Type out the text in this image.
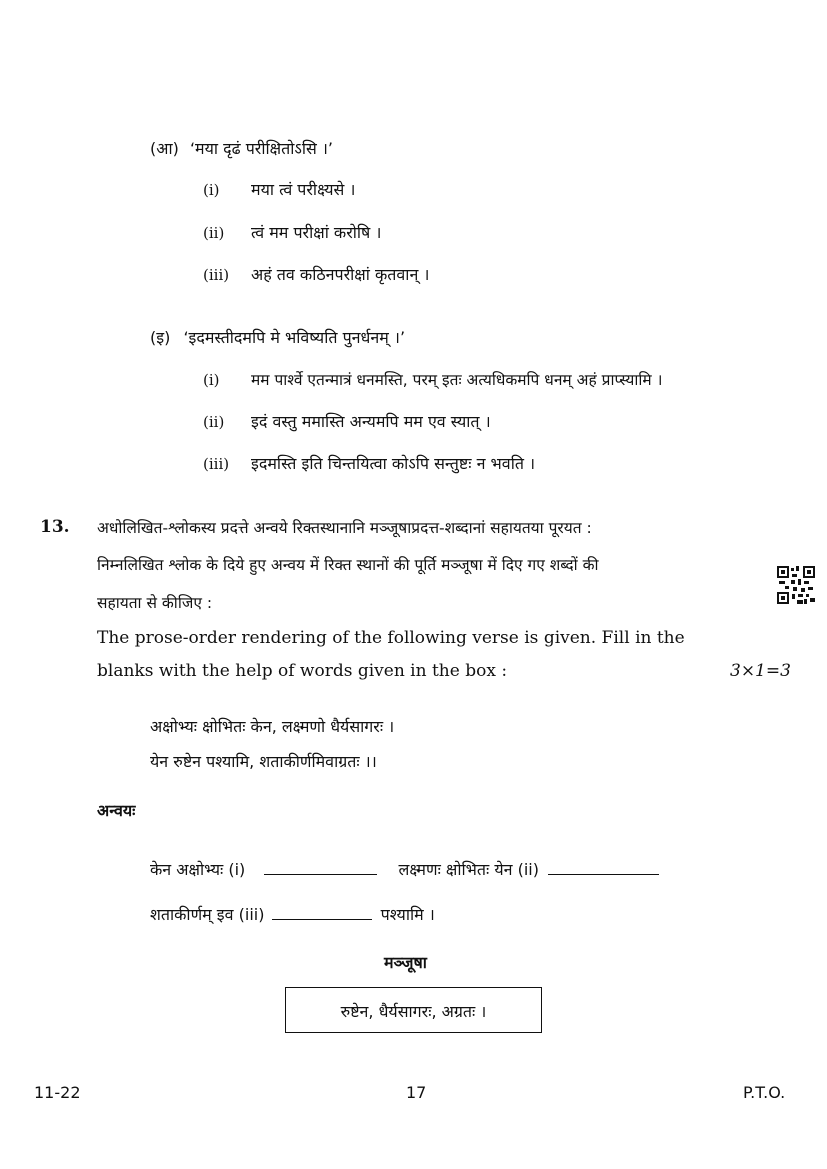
(आ) ‘मया दृढं परीक्षितोऽसि ।’
(i) मया त्वं परीक्ष्यसे ।
(ii) त्वं मम परीक्षां करोषि ।
(iii) अहं तव कठिनपरीक्षां कृतवान् ।
(इ) ‘इदमस्तीदमपि मे भविष्यति पुनर्धनम् ।’
(i) मम पार्श्वे एतन्मात्रं धनमस्ति, परम् इतः अत्यधिकमपि धनम् अहं प्राप्स्यामि ।
(ii) इदं वस्तु ममास्ति अन्यमपि मम एव स्यात् ।
(iii) इदमस्ति इति चिन्तयित्वा कोऽपि सन्तुष्टः न भवति ।
13. अधोलिखित-श्लोकस्य प्रदत्ते अन्वये रिक्तस्थानानि मञ्जूषाप्रदत्त-शब्दानां सहायतया पूरयत :
निम्नलिखित श्लोक के दिये हुए अन्वय में रिक्त स्थानों की पूर्ति मञ्जूषा में दिए गए शब्दों की
सहायता से कीजिए :
The prose-order rendering of the following verse is given. Fill in the
blanks with the help of words given in the box :	3×1=3
अक्षोभ्यः क्षोभितः केन, लक्ष्मणो धैर्यसागरः ।
येन रुष्टेन पश्यामि, शताकीर्णमिवाग्रतः ।।
अन्वयः
केन अक्षोभ्यः (i)	लक्ष्मणः क्षोभितः येन (ii)
शताकीर्णम् इव (iii)	पश्यामि ।
मञ्जूषा
रुष्टेन, धैर्यसागरः, अग्रतः ।
11-22	17	P.T.O.
